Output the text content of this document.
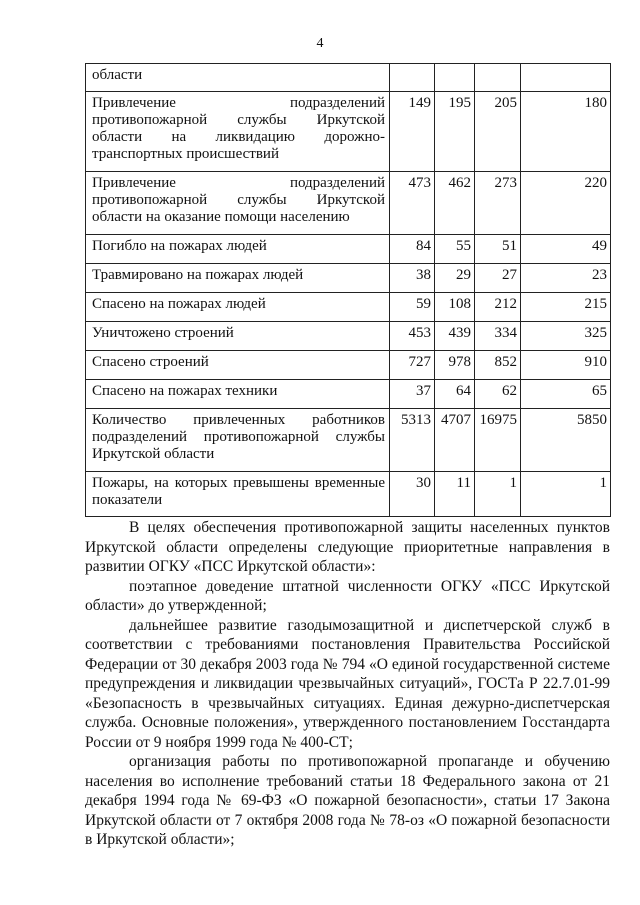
4
области				
Привлечение подразделений противопожарной службы Иркутской области на ликвидацию дорожно-транспортных происшествий	149	195	205	180
Привлечение подразделений противопожарной службы Иркутской области на оказание помощи населению	473	462	273	220
Погибло на пожарах людей	84	55	51	49
Травмировано на пожарах людей	38	29	27	23
Спасено на пожарах людей	59	108	212	215
Уничтожено строений	453	439	334	325
Спасено строений	727	978	852	910
Спасено на пожарах техники	37	64	62	65
Количество привлеченных работников подразделений противопожарной службы Иркутской области	5313	4707	16975	5850
Пожары, на которых превышены временные показатели	30	11	1	1

В целях обеспечения противопожарной защиты населенных пунктов Иркутской области определены следующие приоритетные направления в развитии ОГКУ «ПСС Иркутской области»:

поэтапное доведение штатной численности ОГКУ «ПСС Иркутской области» до утвержденной;

дальнейшее развитие газодымозащитной и диспетчерской служб в соответствии с требованиями постановления Правительства Российской Федерации от 30 декабря 2003 года № 794 «О единой государственной системе предупреждения и ликвидации чрезвычайных ситуаций», ГОСТа Р 22.7.01-99 «Безопасность в чрезвычайных ситуациях. Единая дежурно-диспетчерская служба. Основные положения», утвержденного постановлением Госстандарта России от 9 ноября 1999 года № 400-СТ;

организация работы по противопожарной пропаганде и обучению населения во исполнение требований статьи 18 Федерального закона от 21 декабря 1994 года № 69-ФЗ «О пожарной безопасности», статьи 17 Закона Иркутской области от 7 октября 2008 года № 78-оз «О пожарной безопасности в Иркутской области»;
